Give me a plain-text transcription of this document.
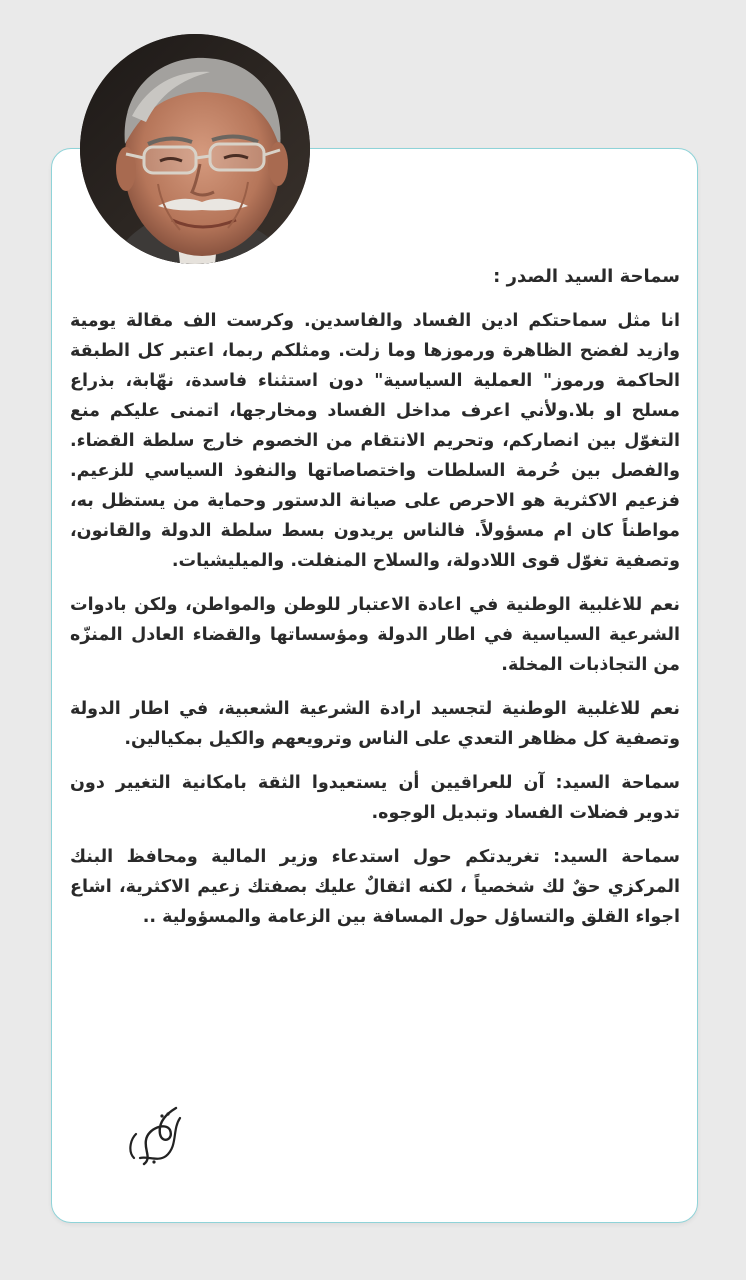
سماحة السيد الصدر :

انا مثل سماحتكم ادين الفساد والفاسدين. وكرست الف مقالة يومية وازيد لفضح الظاهرة ورموزها وما زلت. ومثلكم ربما، اعتبر كل الطبقة الحاكمة ورموز" العملية السياسية" دون استثناء فاسدة، نهّابة، بذراع مسلح او بلا.ولأني اعرف مداخل الفساد ومخارجها، اتمنى عليكم منع التغوّل بين انصاركم، وتحريم الانتقام من الخصوم خارج سلطة القضاء. والفصل بين حُرمة السلطات واختصاصاتها والنفوذ السياسي للزعيم. فزعيم الاكثرية هو الاحرص على صيانة الدستور وحماية من يستظل به، مواطناً كان ام مسؤولاً. فالناس يريدون بسط سلطة الدولة والقانون، وتصفية تغوّل قوى اللادولة، والسلاح المنفلت. والميليشيات.

نعم للاغلبية الوطنية في اعادة الاعتبار للوطن والمواطن، ولكن بادوات الشرعية السياسية في اطار الدولة ومؤسساتها والقضاء العادل المنزّه من التجاذبات المخلة.

نعم للاغلبية الوطنية لتجسيد ارادة الشرعية الشعبية، في اطار الدولة وتصفية كل مظاهر التعدي على الناس وترويعهم والكيل بمكيالين.

سماحة السيد: آن للعراقيين أن يستعيدوا الثقة بامكانية التغيير دون تدوير فضلات الفساد وتبديل الوجوه.

سماحة السيد: تغريدتكم حول استدعاء وزير المالية ومحافظ البنك المركزي حقٌ لك شخصياً ، لكنه اثقالٌ عليك بصفتك زعيم الاكثرية، اشاع اجواء القلق والتساؤل حول المسافة بين الزعامة والمسؤولية ..
